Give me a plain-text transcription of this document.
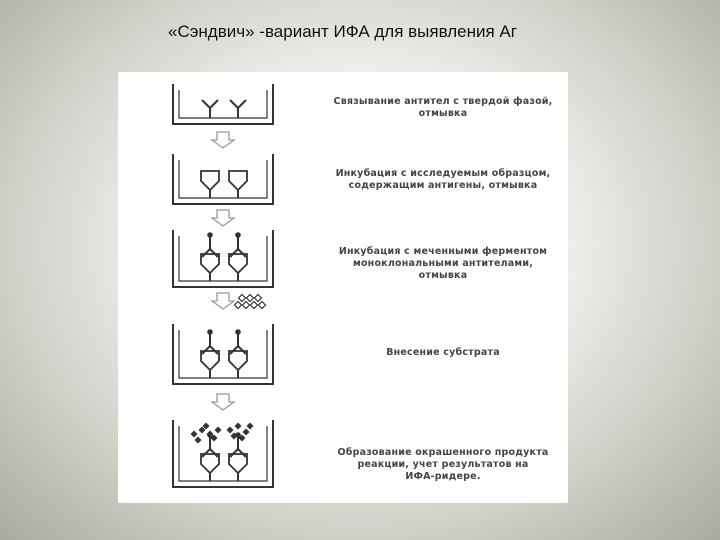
«Сэндвич» -вариант ИФА для выявления Аг
Связывание антител с твердой фазой,
отмывка
Инкубация с исследуемым образцом,
содержащим антигены, отмывка
Инкубация с меченными ферментом
моноклональными антителами,
отмывка
Внесение субстрата
Образование окрашенного продукта
реакции, учет результатов на
ИФА-ридере.
